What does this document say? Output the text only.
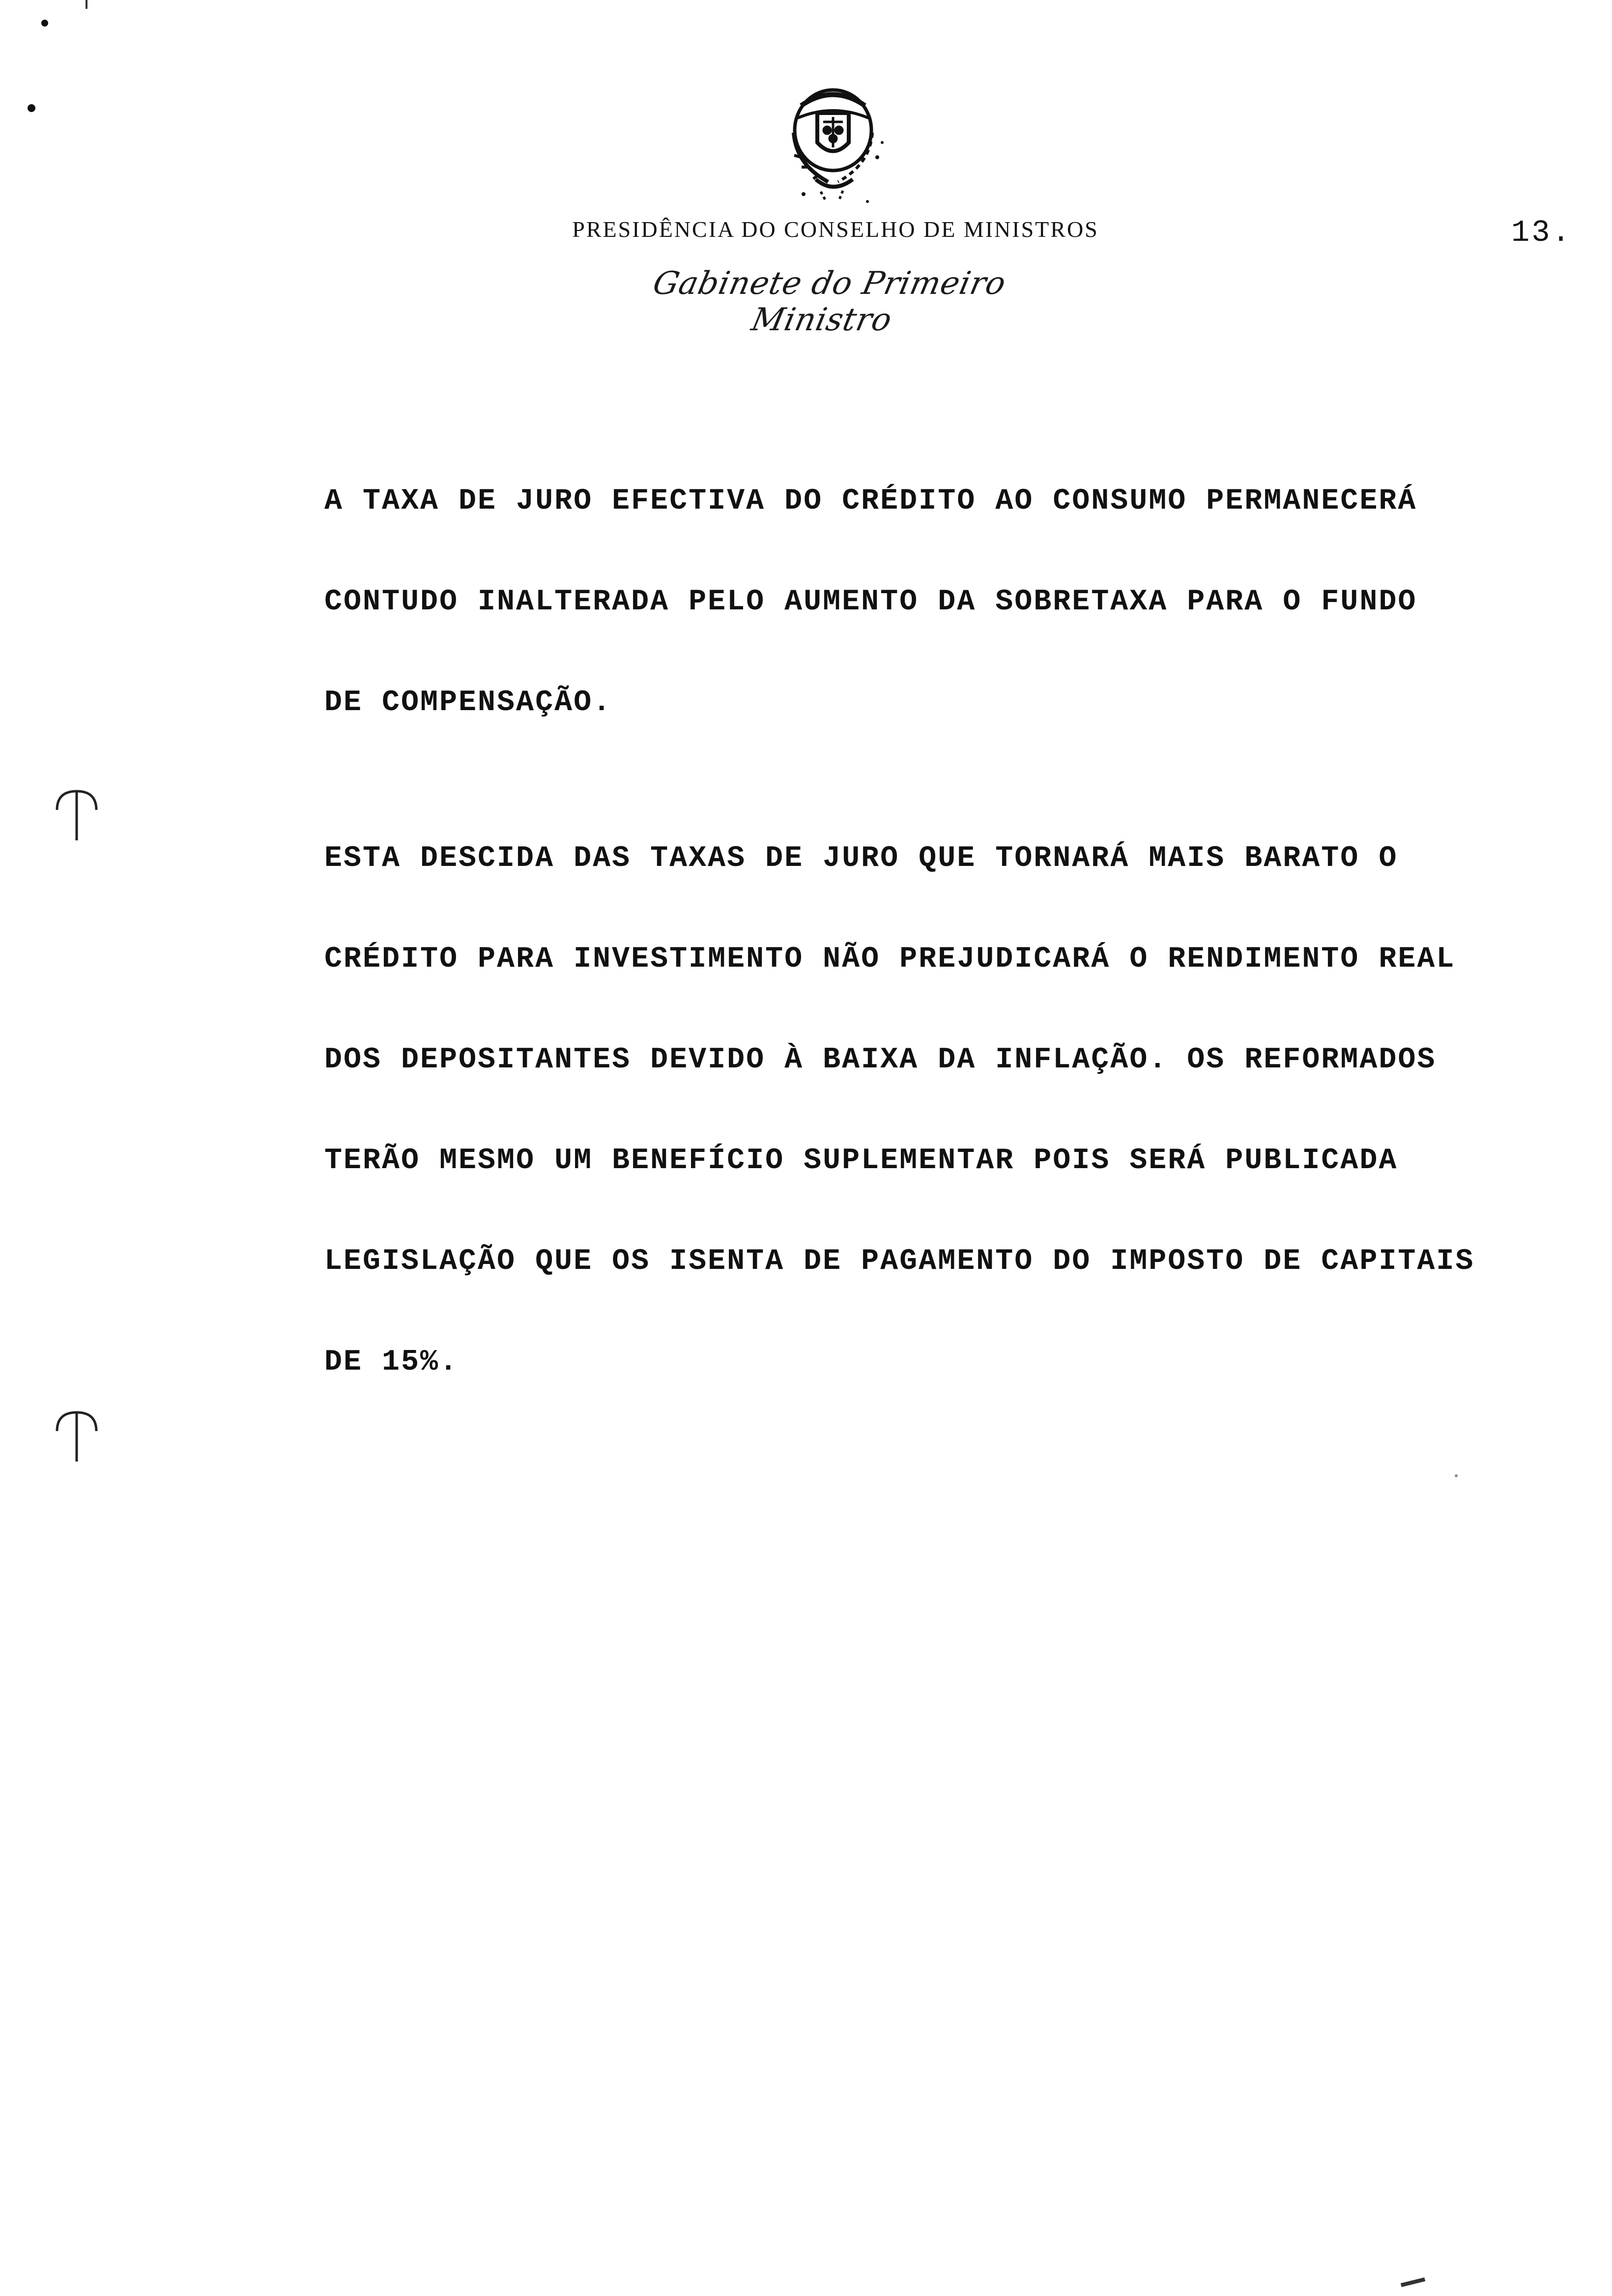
PRESIDÊNCIA DO CONSELHO DE MINISTROS	13.
Gabinete do Primeiro Ministro
A TAXA DE JURO EFECTIVA DO CRÉDITO AO CONSUMO PERMANECERÁ
CONTUDO INALTERADA PELO AUMENTO DA SOBRETAXA PARA O FUNDO
DE COMPENSAÇÃO.
ESTA DESCIDA DAS TAXAS DE JURO QUE TORNARÁ MAIS BARATO O
CRÉDITO PARA INVESTIMENTO NÃO PREJUDICARÁ O RENDIMENTO REAL
DOS DEPOSITANTES DEVIDO À BAIXA DA INFLAÇÃO. OS REFORMADOS
TERÃO MESMO UM BENEFÍCIO SUPLEMENTAR POIS SERÁ PUBLICADA
LEGISLAÇÃO QUE OS ISENTA DE PAGAMENTO DO IMPOSTO DE CAPITAIS
DE 15%.
